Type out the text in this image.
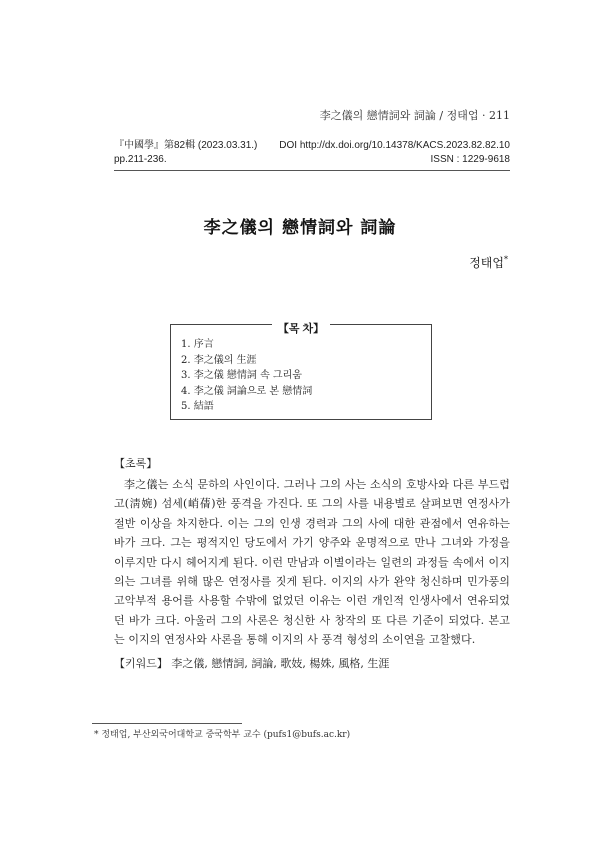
李之儀의 戀情詞와 詞論 / 정태업 · 211
『中國學』第82輯 (2023.03.31.)
pp.211-236.
DOI http://dx.doi.org/10.14378/KACS.2023.82.82.10
ISSN : 1229-9618
李之儀의 戀情詞와 詞論
정태업*
【목 차】
1. 序言
2. 李之儀의 生涯
3. 李之儀 戀情詞 속 그리움
4. 李之儀 詞論으로 본 戀情詞
5. 結語
【초록】

李之儀는 소식 문하의 사인이다. 그러나 그의 사는 소식의 호방사와 다른 부드럽고(淸婉) 섬세(峭蒨)한 풍격을 가진다. 또 그의 사를 내용별로 살펴보면 연정사가 절반 이상을 차지한다. 이는 그의 인생 경력과 그의 사에 대한 관점에서 연유하는 바가 크다. 그는 평적지인 당도에서 가기 양주와 운명적으로 만나 그녀와 가정을 이루지만 다시 헤어지게 된다. 이런 만남과 이별이라는 일련의 과정들 속에서 이지의는 그녀를 위해 많은 연정사를 짓게 된다. 이지의 사가 완약 청신하며 민가풍의 고악부적 용어를 사용할 수밖에 없었던 이유는 이런 개인적 인생사에서 연유되었던 바가 크다. 아울러 그의 사론은 청신한 사 창작의 또 다른 기준이 되었다. 본고는 이지의 연정사와 사론을 통해 이지의 사 풍격 형성의 소이연을 고찰했다.

【키워드】 李之儀, 戀情詞, 詞論, 歌妓, 楊姝, 風格, 生涯
* 정태업, 부산외국어대학교 중국학부 교수 (pufs1@bufs.ac.kr)
